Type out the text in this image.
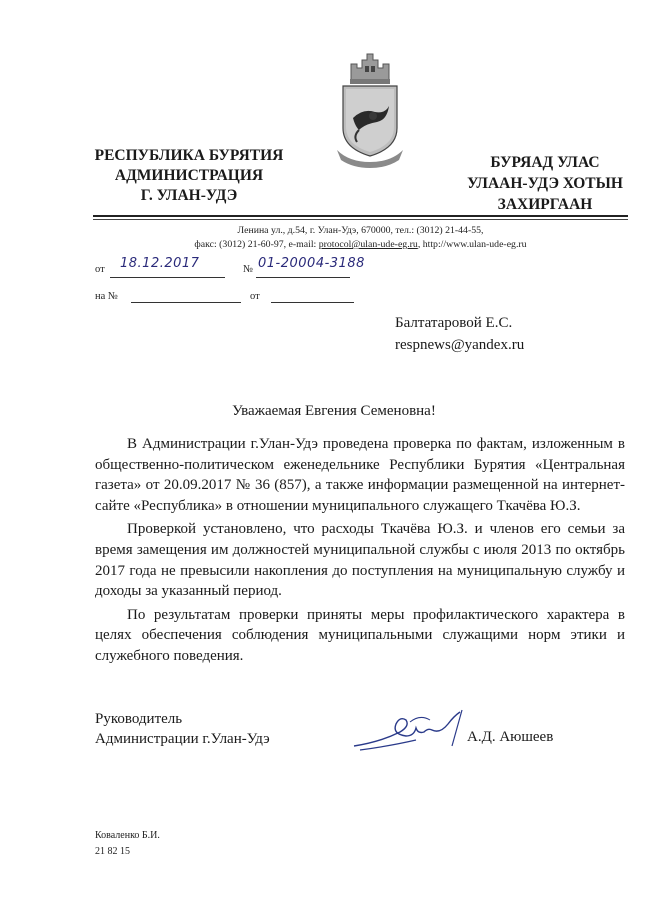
РЕСПУБЛИКА БУРЯТИЯ
АДМИНИСТРАЦИЯ
Г. УЛАН-УДЭ
БУРЯАД УЛАС
УЛААН-УДЭ ХОТЫН
ЗАХИРГААН
Ленина ул., д.54, г. Улан-Удэ, 670000, тел.: (3012) 21-44-55,
факс: (3012) 21-60-97, e-mail: protocol@ulan-ude-eg.ru, http://www.ulan-ude-eg.ru
от 18.12.2017	№ 01-20004-3188
на №	от
Балтатаровой Е.С.
respnews@yandex.ru
Уважаемая Евгения Семеновна!

В Администрации г.Улан-Удэ проведена проверка по фактам, изложенным в общественно-политическом еженедельнике Республики Бурятия «Центральная газета» от 20.09.2017 № 36 (857), а также информации размещенной на интернет-сайте «Республика» в отношении муниципального служащего Ткачёва Ю.З.

Проверкой установлено, что расходы Ткачёва Ю.З. и членов его семьи за время замещения им должностей муниципальной службы с июля 2013 по октябрь 2017 года не превысили накопления до поступления на муниципальную службу и доходы за указанный период.

По результатам проверки приняты меры профилактического характера в целях обеспечения соблюдения муниципальными служащими норм этики и служебного поведения.

Руководитель
Администрации г.Улан-Удэ	А.Д. Аюшеев
Коваленко Б.И.
21 82 15
